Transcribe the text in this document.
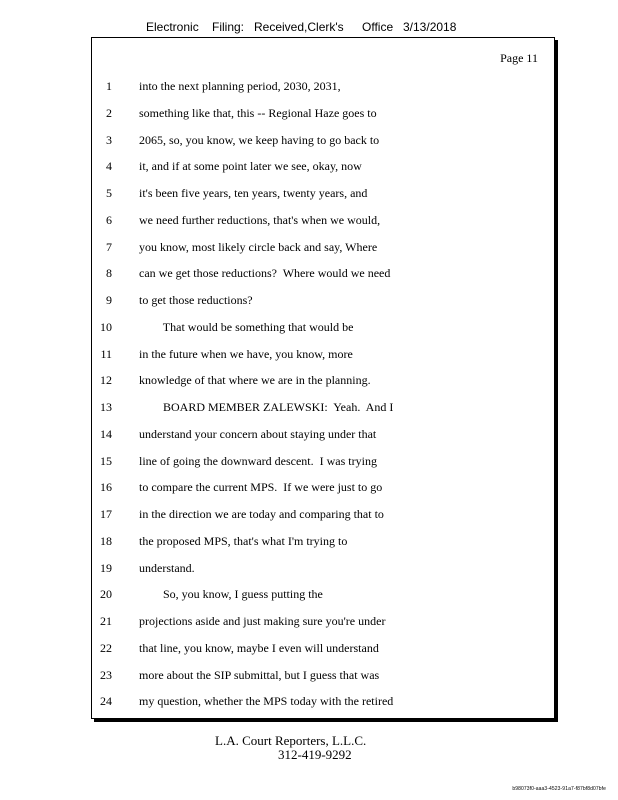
Electronic Filing: Received,Clerk's Office 3/13/2018
Page 11
1 into the next planning period, 2030, 2031,
2 something like that, this -- Regional Haze goes to
3 2065, so, you know, we keep having to go back to
4 it, and if at some point later we see, okay, now
5 it's been five years, ten years, twenty years, and
6 we need further reductions, that's when we would,
7 you know, most likely circle back and say, Where
8 can we get those reductions?  Where would we need
9 to get those reductions?
10 That would be something that would be
11 in the future when we have, you know, more
12 knowledge of that where we are in the planning.
13 BOARD MEMBER ZALEWSKI:  Yeah.  And I
14 understand your concern about staying under that
15 line of going the downward descent.  I was trying
16 to compare the current MPS.  If we were just to go
17 in the direction we are today and comparing that to
18 the proposed MPS, that's what I'm trying to
19 understand.
20 So, you know, I guess putting the
21 projections aside and just making sure you're under
22 that line, you know, maybe I even will understand
23 more about the SIP submittal, but I guess that was
24 my question, whether the MPS today with the retired
L.A. Court Reporters, L.L.C.
312-419-9292
b98073f0-aaa3-4523-91a7-f87bf8d07bfe
